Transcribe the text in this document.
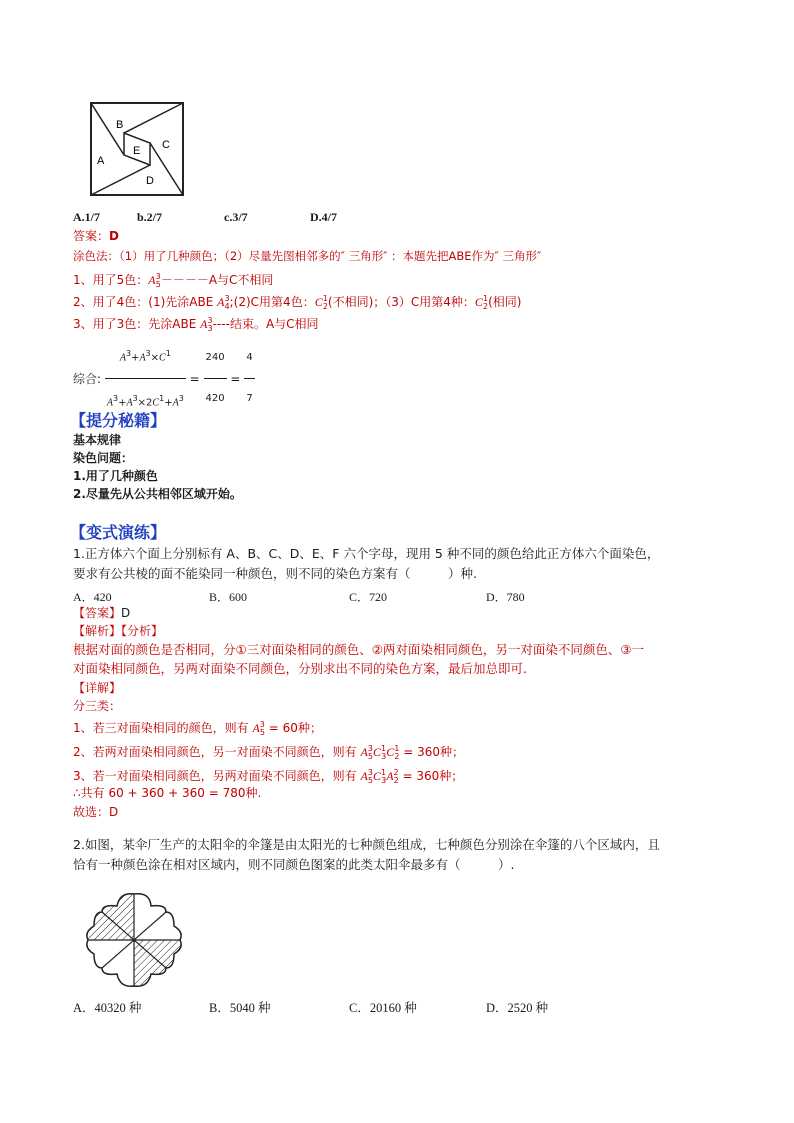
B
C
E
A
D
A.1/7	b.2/7	c.3/7	D.4/7
答案：D
涂色法：（1）用了几种颜色；（2）尽量先图相邻多的″ 三角形″ ：本题先把ABE作为″ 三角形″
1、用了5色：$A^3_5----A$与C不相同
2、用了4色：(1)先涂ABE $A^3_4;(2)C$用第4色：$C^1_2$(不相同)；（3）C用第4种：$C^1_2$(相同)
3、用了3色：先涂ABE $A^3_3----$结束。A与C相同
综合: $\frac{A^3+A^3\times C^1}{A^3+A^3\times 2C^1+A^3} = \frac{240}{420} = \frac{4}{7}$
【提分秘籍】
基本规律
染色问题：
1.用了几种颜色
2.尽量先从公共相邻区域开始。
【变式演练】
1.正方体六个面上分别标有 A、B、C、D、E、F 六个字母，现用 5 种不同的颜色给此正方体六个面染色，
要求有公共棱的面不能染同一种颜色，则不同的染色方案有（　　　）种.
A．420	B．600	C．720	D．780
【答案】D
【解析】【分析】
根据对面的颜色是否相同，分①三对面染相同的颜色、②两对面染相同颜色，另一对面染不同颜色、③一
对面染相同颜色，另两对面染不同颜色，分别求出不同的染色方案，最后加总即可.
【详解】
分三类：
1、若三对面染相同的颜色，则有 $A^3_5 = 60$种；
2、若两对面染相同颜色，另一对面染不同颜色，则有 $A^3_5C^1_3C^1_2 = 360$种；
3、若一对面染相同颜色，另两对面染不同颜色，则有 $A^3_5C^1_3A^2_2 = 360$种；
∴共有 60 + 360 + 360 = 780种.
故选：D
2.如图，某伞厂生产的太阳伞的伞篷是由太阳光的七种颜色组成，七种颜色分别涂在伞篷的八个区域内，且
恰有一种颜色涂在相对区域内，则不同颜色图案的此类太阳伞最多有（　　　）.
A．40320 种	B．5040 种	C．20160 种	D．2520 种
